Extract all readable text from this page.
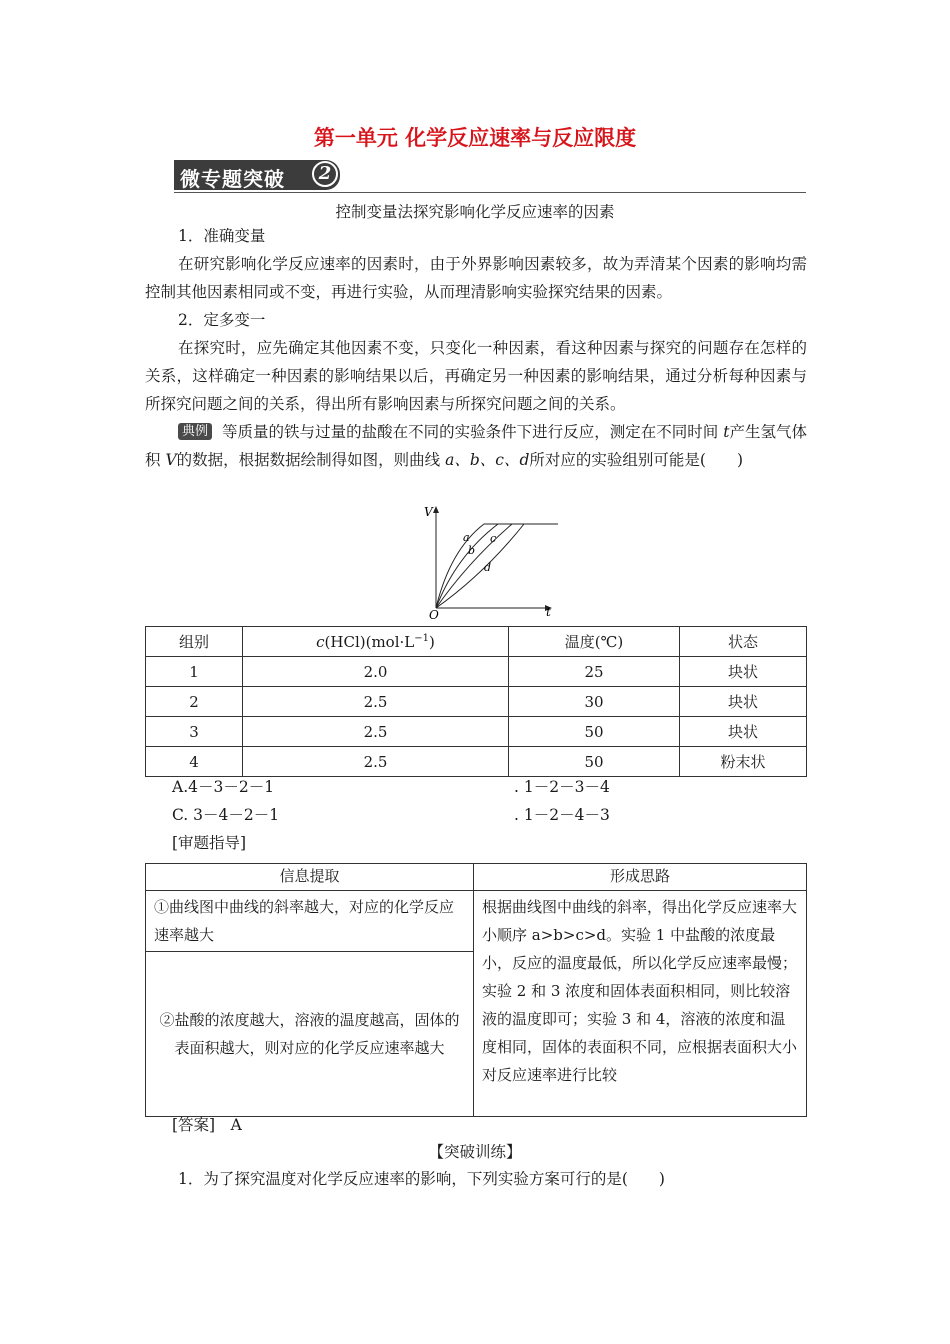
第一单元 化学反应速率与反应限度
微专题突破	2
控制变量法探究影响化学反应速率的因素
1．准确变量
在研究影响化学反应速率的因素时，由于外界影响因素较多，故为弄清某个因素的影响均需控制其他因素相同或不变，再进行实验，从而理清影响实验探究结果的因素。
2．定多变一
在探究时，应先确定其他因素不变，只变化一种因素，看这种因素与探究的问题存在怎样的关系，这样确定一种因素的影响结果以后，再确定另一种因素的影响结果，通过分析每种因素与所探究问题之间的关系，得出所有影响因素与所探究问题之间的关系。
典例 等质量的铁与过量的盐酸在不同的实验条件下进行反应，测定在不同时间 t产生氢气体积 V的数据，根据数据绘制得如图，则曲线 a、b、c、d所对应的实验组别可能是(　　)
V
t
O
a
b
c
d
组别	$c(HCl)(mol\cdot L^{-1})$	温度(℃)	状态
1	2.0	25	块状
2	2.5	30	块状
3	2.5	50	块状
4	2.5	50	粉末状
A.4－3－2－1	. 1－2－3－4
C. 3－4－2－1	. 1－2－4－3
[审题指导]
信息提取	形成思路
①曲线图中曲线的斜率越大，对应的化学反应速率越大	根据曲线图中曲线的斜率，得出化学反应速率大小顺序 a>b>c>d。实验 1 中盐酸的浓度最小，反应的温度最低，所以化学反应速率最慢；实验 2 和 3 浓度和固体表面积相同，则比较溶液的温度即可；实验 3 和 4，溶液的浓度和温度相同，固体的表面积不同，应根据表面积大小对反应速率进行比较
②盐酸的浓度越大，溶液的温度越高，固体的表面积越大，则对应的化学反应速率越大	
[答案]　A
【突破训练】
1．为了探究温度对化学反应速率的影响，下列实验方案可行的是(　　)
